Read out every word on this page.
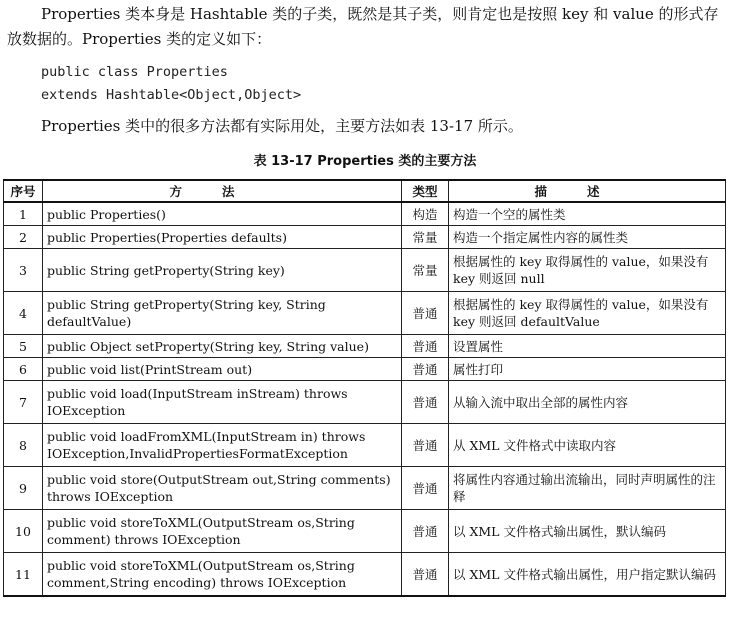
Properties 类本身是 Hashtable 类的子类，既然是其子类，则肯定也是按照 key 和 value 的形式存放数据的。Properties 类的定义如下：

public class Properties
extends Hashtable<Object,Object>

Properties 类中的很多方法都有实际用处，主要方法如表 13-17 所示。

表 13-17 Properties 类的主要方法
序号	方法	类型	描述
1	public Properties()	构造	构造一个空的属性类
2	public Properties(Properties defaults)	常量	构造一个指定属性内容的属性类
3	public String getProperty(String key)	常量	根据属性的 key 取得属性的 value，如果没有 key 则返回 null
4	public String getProperty(String key, String defaultValue)	普通	根据属性的 key 取得属性的 value，如果没有 key 则返回 defaultValue
5	public Object setProperty(String key, String value)	普通	设置属性
6	public void list(PrintStream out)	普通	属性打印
7	public void load(InputStream inStream) throws IOException	普通	从输入流中取出全部的属性内容
8	public void loadFromXML(InputStream in) throws IOException,InvalidPropertiesFormatException	普通	从 XML 文件格式中读取内容
9	public void store(OutputStream out,String comments) throws IOException	普通	将属性内容通过输出流输出，同时声明属性的注释
10	public void storeToXML(OutputStream os,String comment) throws IOException	普通	以 XML 文件格式输出属性，默认编码
11	public void storeToXML(OutputStream os,String comment,String encoding) throws IOException	普通	以 XML 文件格式输出属性，用户指定默认编码
